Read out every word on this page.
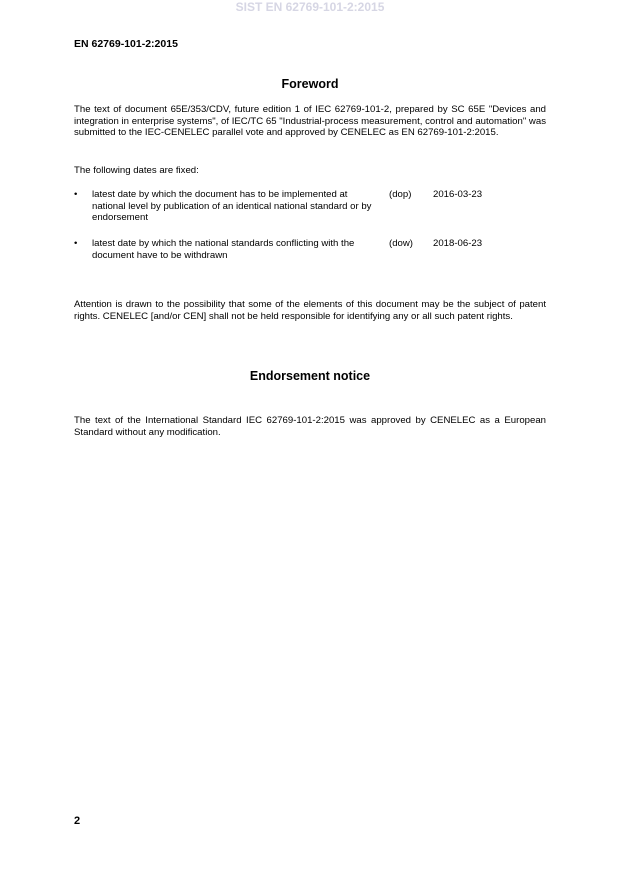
SIST EN 62769-101-2:2015
EN 62769-101-2:2015
Foreword

The text of document 65E/353/CDV, future edition 1 of IEC 62769-101-2, prepared by SC 65E "Devices and integration in enterprise systems", of IEC/TC 65 "Industrial-process measurement, control and automation" was submitted to the IEC-CENELEC parallel vote and approved by CENELEC as EN 62769-101-2:2015.

The following dates are fixed:

• latest date by which the document has to be implemented at national level by publication of an identical national standard or by endorsement
(dop) 2016-03-23
• latest date by which the national standards conflicting with the document have to be withdrawn
(dow) 2018-06-23

Attention is drawn to the possibility that some of the elements of this document may be the subject of patent rights. CENELEC [and/or CEN] shall not be held responsible for identifying any or all such patent rights.

Endorsement notice

The text of the International Standard IEC 62769-101-2:2015 was approved by CENELEC as a European Standard without any modification.

2
